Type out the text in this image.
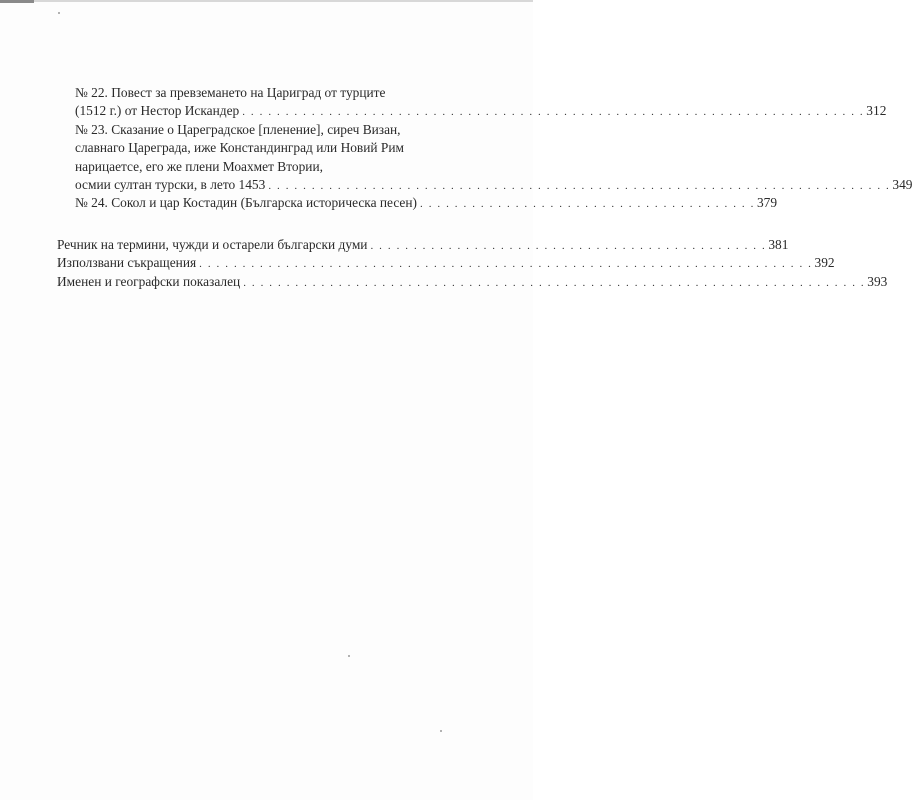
№ 22. Повест за превземането на Цариград от турците
(1512 г.) от Нестор Искандер . . . . . . . . . . . . . . . . . . . . . . . . . . . . . . . . . . . . . . . . . . . . . . . . . . . . . . . . . . . . . . . . . . . . . . . . 312
№ 23. Сказание о Цареградское [пленение], сиреч Визан,
славнаго Цареграда, иже Констандинград или Новий Рим
нарицаетсе, его же плени Моахмет Втории,
осмии султан турски, в лето 1453 . . . . . . . . . . . . . . . . . . . . . . . . . . . . . . . . . . . . . . . . . . . . . . . . . . . . . . . . . . . . . . . . . . . . . . . . 349
№ 24. Сокол и цар Костадин (Българска историческа песен) . . . . . . . . . . . . . . . . . . . . . . . . . . . . . . . . . . . . . . . 379
Речник на термини, чужди и остарели български думи . . . . . . . . . . . . . . . . . . . . . . . . . . . . . . . . . . . . . . . . . . . . . . 381
Използвани съкращения . . . . . . . . . . . . . . . . . . . . . . . . . . . . . . . . . . . . . . . . . . . . . . . . . . . . . . . . . . . . . . . . . . . . . . . 392
Именен и географски показалец . . . . . . . . . . . . . . . . . . . . . . . . . . . . . . . . . . . . . . . . . . . . . . . . . . . . . . . . . . . . . . . . . . . . . . . . 393
